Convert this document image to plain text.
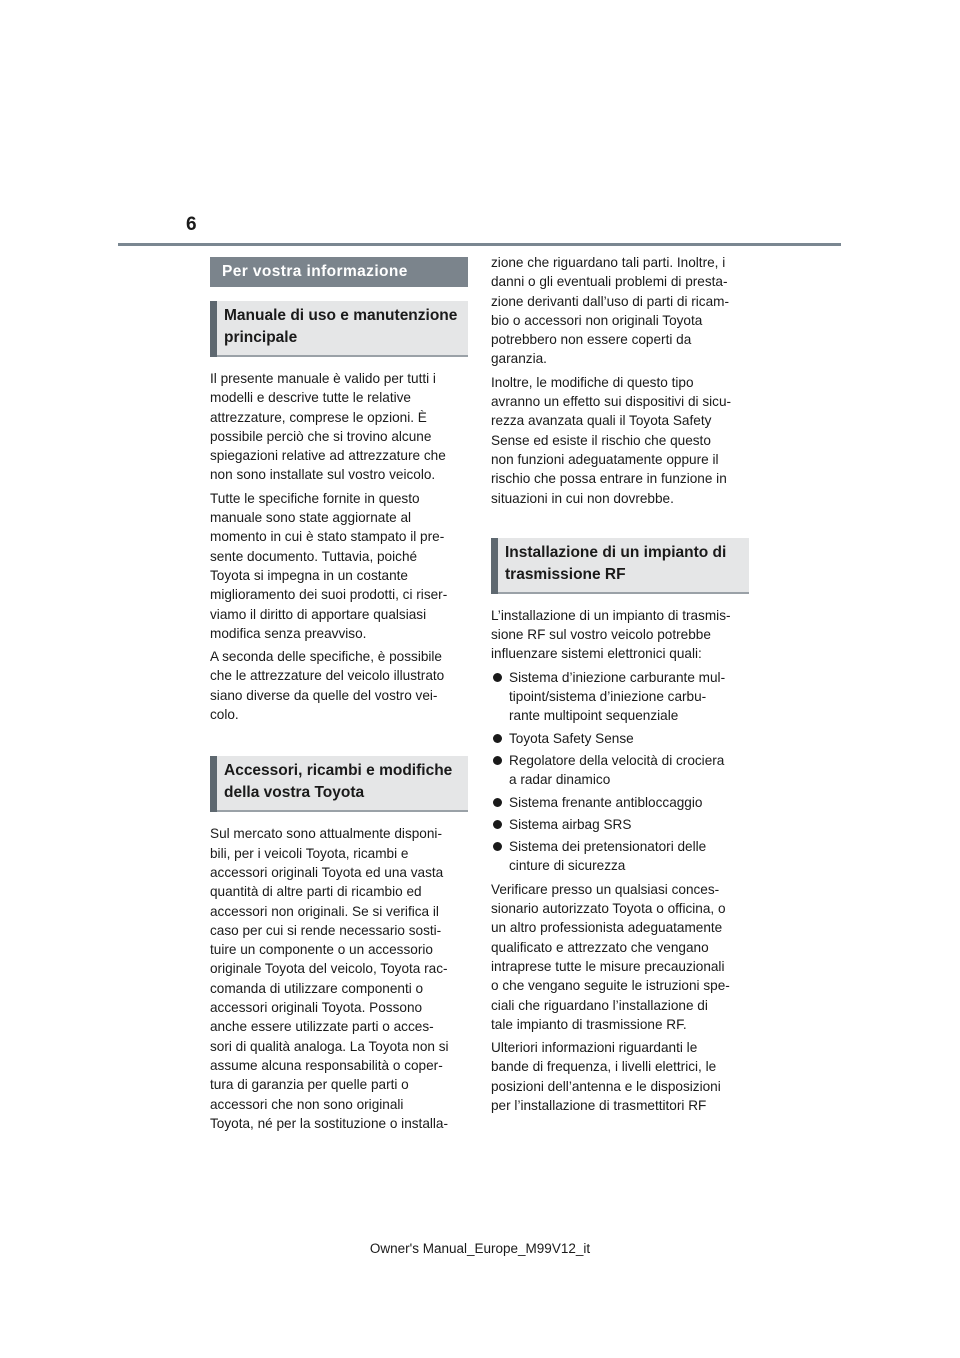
6
Per vostra informazione
Manuale di uso e manutenzione
principale

Il presente manuale è valido per tutti i
modelli e descrive tutte le relative
attrezzature, comprese le opzioni. È
possibile perciò che si trovino alcune
spiegazioni relative ad attrezzature che
non sono installate sul vostro veicolo.

Tutte le specifiche fornite in questo
manuale sono state aggiornate al
momento in cui è stato stampato il pre-
sente documento. Tuttavia, poiché
Toyota si impegna in un costante
miglioramento dei suoi prodotti, ci riser-
viamo il diritto di apportare qualsiasi
modifica senza preavviso.

A seconda delle specifiche, è possibile
che le attrezzature del veicolo illustrato
siano diverse da quelle del vostro vei-
colo.

Accessori, ricambi e modifiche
della vostra Toyota

Sul mercato sono attualmente disponi-
bili, per i veicoli Toyota, ricambi e
accessori originali Toyota ed una vasta
quantità di altre parti di ricambio ed
accessori non originali. Se si verifica il
caso per cui si rende necessario sosti-
tuire un componente o un accessorio
originale Toyota del veicolo, Toyota rac-
comanda di utilizzare componenti o
accessori originali Toyota. Possono
anche essere utilizzate parti o acces-
sori di qualità analoga. La Toyota non si
assume alcuna responsabilità o coper-
tura di garanzia per quelle parti o
accessori che non sono originali
Toyota, né per la sostituzione o installa-

zione che riguardano tali parti. Inoltre, i
danni o gli eventuali problemi di presta-
zione derivanti dall’uso di parti di ricam-
bio o accessori non originali Toyota
potrebbero non essere coperti da
garanzia.

Inoltre, le modifiche di questo tipo
avranno un effetto sui dispositivi di sicu-
rezza avanzata quali il Toyota Safety
Sense ed esiste il rischio che questo
non funzioni adeguatamente oppure il
rischio che possa entrare in funzione in
situazioni in cui non dovrebbe.

Installazione di un impianto di
trasmissione RF

L’installazione di un impianto di trasmis-
sione RF sul vostro veicolo potrebbe
influenzare sistemi elettronici quali:

Sistema d’iniezione carburante mul-
tipoint/sistema d’iniezione carbu-
rante multipoint sequenziale
Toyota Safety Sense
Regolatore della velocità di crociera
a radar dinamico
Sistema frenante antibloccaggio
Sistema airbag SRS
Sistema dei pretensionatori delle
cinture di sicurezza

Verificare presso un qualsiasi conces-
sionario autorizzato Toyota o officina, o
un altro professionista adeguatamente
qualificato e attrezzato che vengano
intraprese tutte le misure precauzionali
o che vengano seguite le istruzioni spe-
ciali che riguardano l’installazione di
tale impianto di trasmissione RF.

Ulteriori informazioni riguardanti le
bande di frequenza, i livelli elettrici, le
posizioni dell’antenna e le disposizioni
per l’installazione di trasmettitori RF

Owner's Manual_Europe_M99V12_it
